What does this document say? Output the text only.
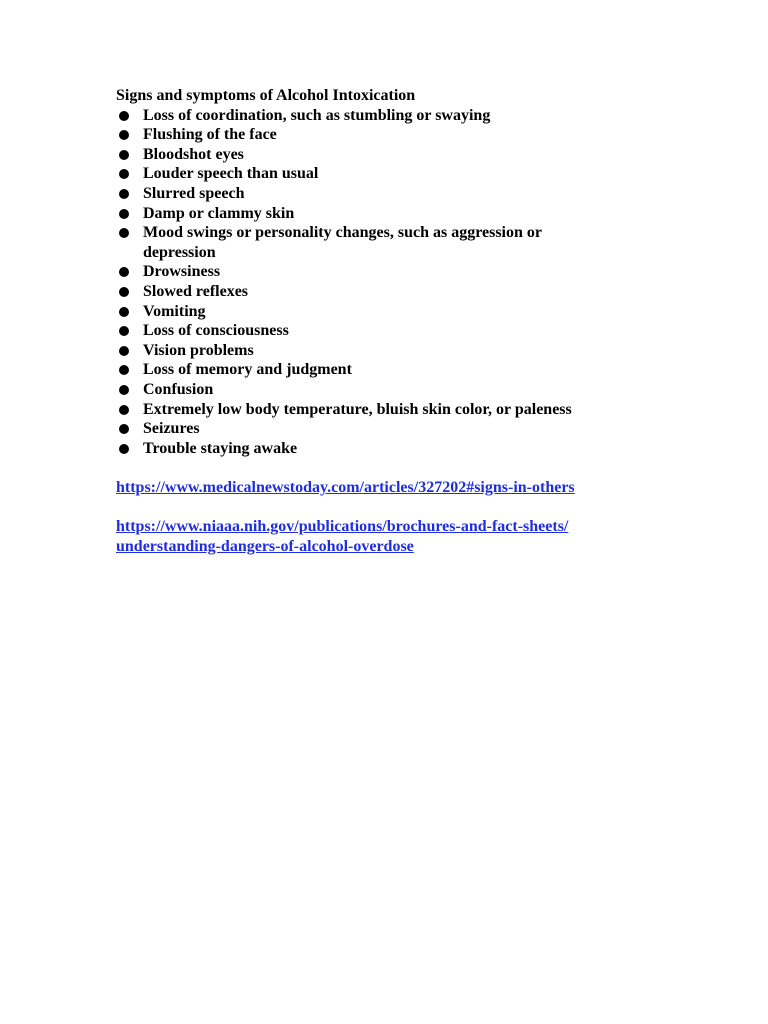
Signs and symptoms of Alcohol Intoxication

Loss of coordination, such as stumbling or swaying
Flushing of the face
Bloodshot eyes
Louder speech than usual
Slurred speech
Damp or clammy skin
Mood swings or personality changes, such as aggression or depression
Drowsiness
Slowed reflexes
Vomiting
Loss of consciousness
Vision problems
Loss of memory and judgment
Confusion
Extremely low body temperature, bluish skin color, or paleness
Seizures
Trouble staying awake
https://www.medicalnewstoday.com/articles/327202#signs-in-others
https://www.niaaa.nih.gov/publications/brochures-and-fact-sheets/
understanding-dangers-of-alcohol-overdose
